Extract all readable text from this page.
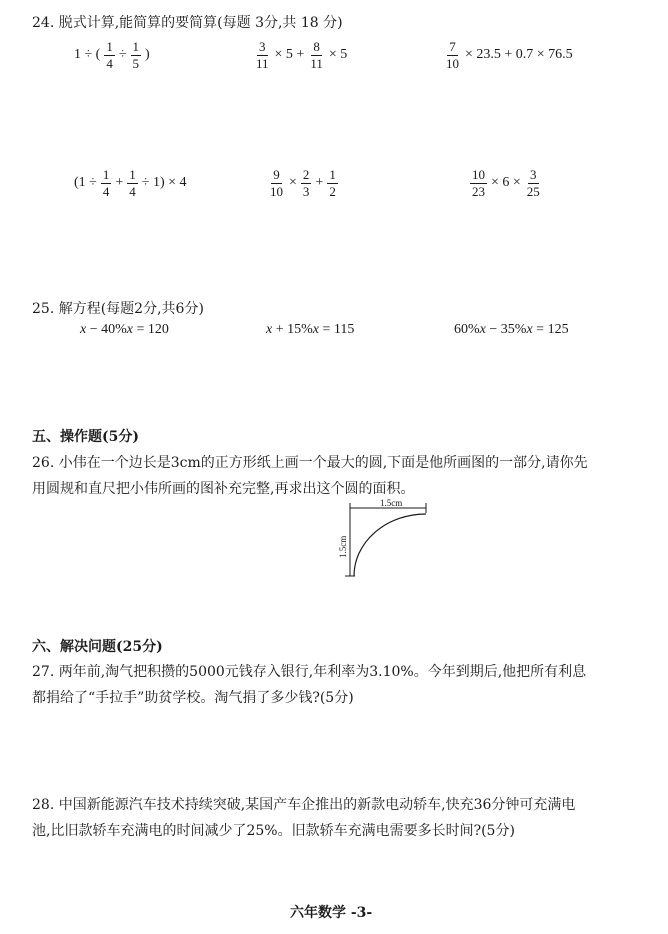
24. 脱式计算,能简算的要简算(每题 3分,共 18 分)
1 ÷ ( $\frac{1}{4} \div \frac{1}{5}$ )	$\frac{3}{11} \times 5 + \frac{8}{11} \times 5$	$\frac{7}{10} \times 23.5 + 0.7 \times 76.5$
$(1 \div \frac{1}{4} + \frac{1}{4} \div 1) \times 4$	$\frac{9}{10} \times \frac{2}{3} + \frac{1}{2}$	$\frac{10}{23} \times 6 \times \frac{3}{25}$
25. 解方程(每题2分,共6分)
x − 40%x = 120	x + 15%x = 115	60%x − 35%x = 125
五、操作题(5分)
26. 小伟在一个边长是3cm的正方形纸上画一个最大的圆,下面是他所画图的一部分,请你先用圆规和直尺把小伟所画的图补充完整,再求出这个圆的面积。
1.5cm
1.5cm
六、解决问题(25分)
27. 两年前,淘气把积攒的5000元钱存入银行,年利率为3.10%。今年到期后,他把所有利息都捐给了“手拉手”助贫学校。淘气捐了多少钱?(5分)
28. 中国新能源汽车技术持续突破,某国产车企推出的新款电动轿车,快充36分钟可充满电池,比旧款轿车充满电的时间减少了25%。旧款轿车充满电需要多长时间?(5分)
六年数学 -3-
